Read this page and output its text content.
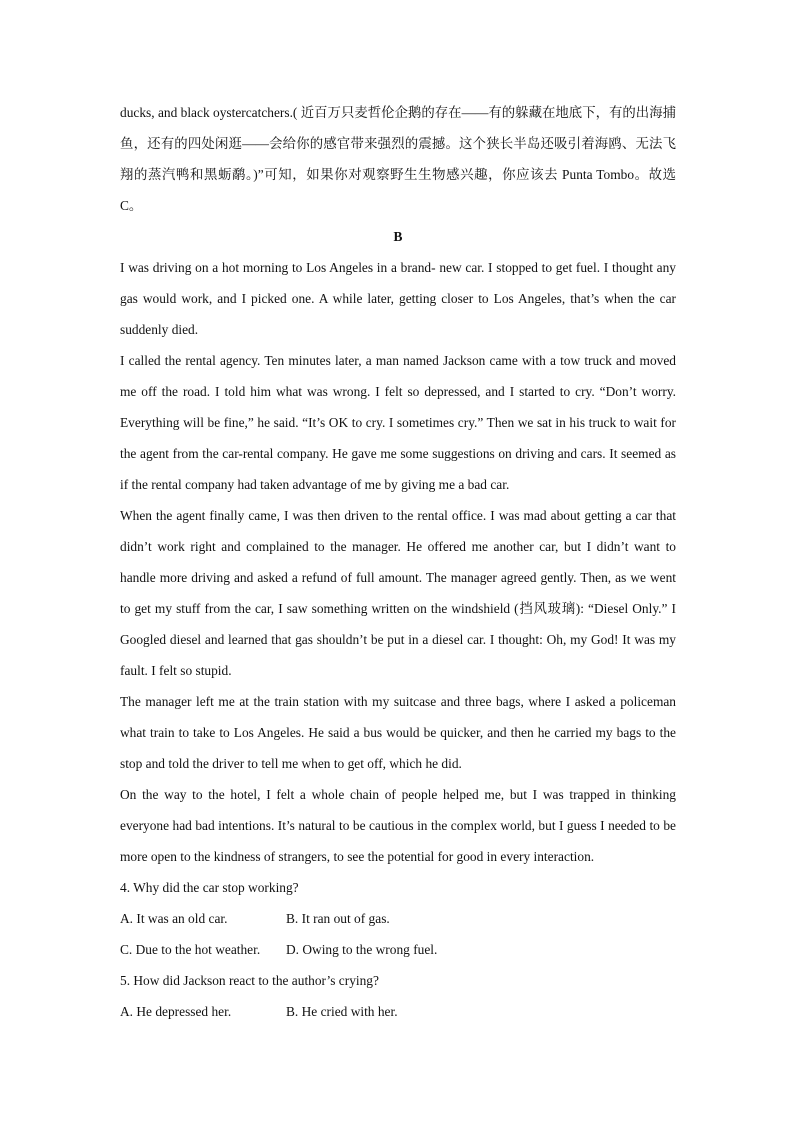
ducks, and black oystercatchers.( 近百万只麦哲伦企鹅的存在——有的躲藏在地底下，有的出海捕鱼，还有的四处闲逛——会给你的感官带来强烈的震撼。这个狭长半岛还吸引着海鸥、无法飞翔的蒸汽鸭和黑蛎鹬。)”可知，如果你对观察野生生物感兴趣，你应该去 Punta Tombo。故选 C。

B

I was driving on a hot morning to Los Angeles in a brand- new car. I stopped to get fuel. I thought any gas would work, and I picked one. A while later, getting closer to Los Angeles, that’s when the car suddenly died.

I called the rental agency. Ten minutes later, a man named Jackson came with a tow truck and moved me off the road. I told him what was wrong. I felt so depressed, and I started to cry. “Don’t worry. Everything will be fine,” he said. “It’s OK to cry. I sometimes cry.” Then we sat in his truck to wait for the agent from the car-rental company. He gave me some suggestions on driving and cars. It seemed as if the rental company had taken advantage of me by giving me a bad car.

When the agent finally came, I was then driven to the rental office. I was mad about getting a car that didn’t work right and complained to the manager. He offered me another car, but I didn’t want to handle more driving and asked a refund of full amount. The manager agreed gently. Then, as we went to get my stuff from the car, I saw something written on the windshield (挡风玻璃): “Diesel Only.” I Googled diesel and learned that gas shouldn’t be put in a diesel car. I thought: Oh, my God! It was my fault. I felt so stupid.

The manager left me at the train station with my suitcase and three bags, where I asked a policeman what train to take to Los Angeles. He said a bus would be quicker, and then he carried my bags to the stop and told the driver to tell me when to get off, which he did.

On the way to the hotel, I felt a whole chain of people helped me, but I was trapped in thinking everyone had bad intentions. It’s natural to be cautious in the complex world, but I guess I needed to be more open to the kindness of strangers, to see the potential for good in every interaction.

4. Why did the car stop working?

A. It was an old car.	B. It ran out of gas.

C. Due to the hot weather. D. Owing to the wrong fuel.

5. How did Jackson react to the author’s crying?

A. He depressed her.	B. He cried with her.
